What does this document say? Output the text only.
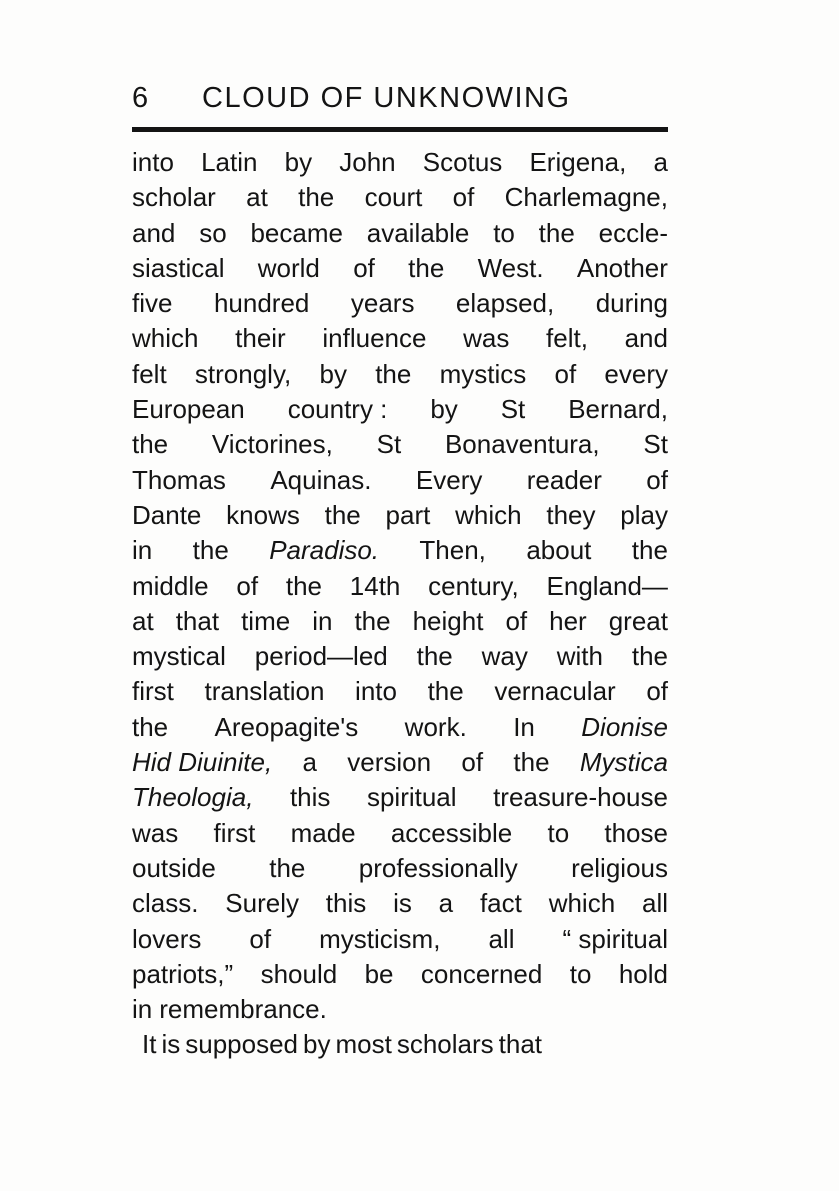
6 CLOUD OF UNKNOWING
into Latin by John Scotus Erigena, a
scholar at the court of Charlemagne,
and so became available to the eccle-
siastical world of the West. Another
five hundred years elapsed, during
which their influence was felt, and
felt strongly, by the mystics of every
European country : by St Bernard,
the Victorines, St Bonaventura, St
Thomas Aquinas. Every reader of
Dante knows the part which they play
in the Paradiso. Then, about the
middle of the 14th century, England—
at that time in the height of her great
mystical period—led the way with the
first translation into the vernacular of
the Areopagite's work. In Dionise
Hid Diuinite, a version of the Mystica
Theologia, this spiritual treasure-house
was first made accessible to those
outside the professionally religious
class. Surely this is a fact which all
lovers of mysticism, all “ spiritual
patriots,” should be concerned to hold
in remembrance.
It is supposed by most scholars that
